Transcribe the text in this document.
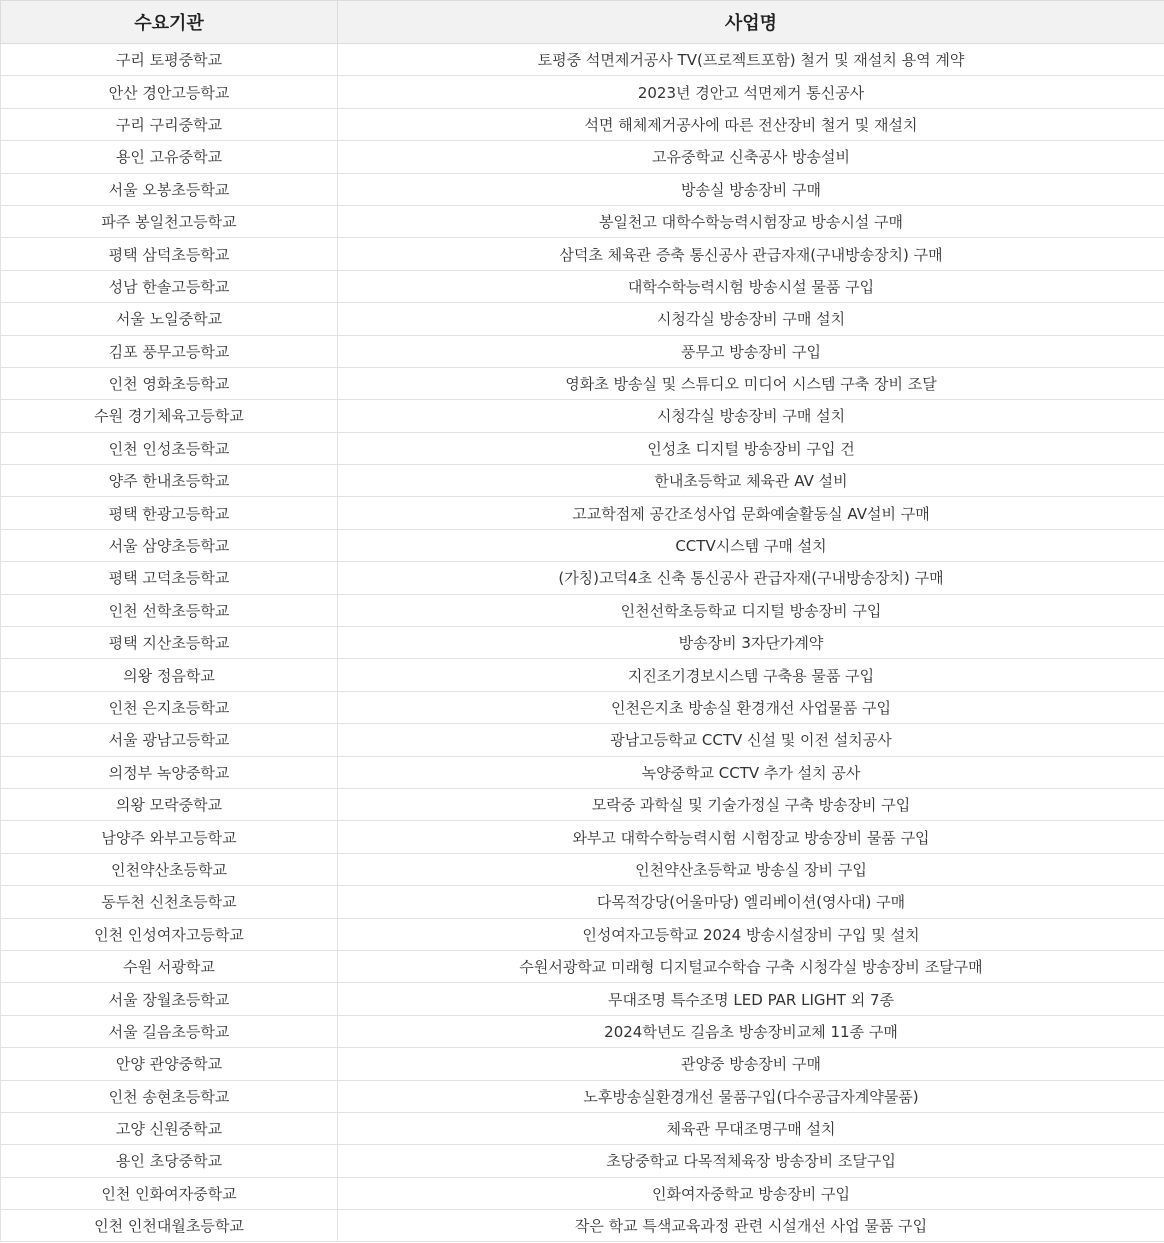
수요기관	사업명
구리 토평중학교	토평중 석면제거공사 TV(프로젝트포함) 철거 및 재설치 용역 계약
안산 경안고등학교	2023년 경안고 석면제거 통신공사
구리 구리중학교	석면 해체제거공사에 따른 전산장비 철거 및 재설치
용인 고유중학교	고유중학교 신축공사 방송설비
서울 오봉초등학교	방송실 방송장비 구매
파주 봉일천고등학교	봉일천고 대학수학능력시험장교 방송시설 구매
평택 삼덕초등학교	삼덕초 체육관 증축 통신공사 관급자재(구내방송장치) 구매
성남 한솔고등학교	대학수학능력시험 방송시설 물품 구입
서울 노일중학교	시청각실 방송장비 구매 설치
김포 풍무고등학교	풍무고 방송장비 구입
인천 영화초등학교	영화초 방송실 및 스튜디오 미디어 시스템 구축 장비 조달
수원 경기체육고등학교	시청각실 방송장비 구매 설치
인천 인성초등학교	인성초 디지털 방송장비 구입 건
양주 한내초등학교	한내초등학교 체육관 AV 설비
평택 한광고등학교	고교학점제 공간조성사업 문화예술활동실 AV설비 구매
서울 삼양초등학교	CCTV시스템 구매 설치
평택 고덕초등학교	(가칭)고덕4초 신축 통신공사 관급자재(구내방송장치) 구매
인천 선학초등학교	인천선학초등학교 디지털 방송장비 구입
평택 지산초등학교	방송장비 3자단가계약
의왕 정음학교	지진조기경보시스템 구축용 물품 구입
인천 은지초등학교	인천은지초 방송실 환경개선 사업물품 구입
서울 광남고등학교	광남고등학교 CCTV 신설 및 이전 설치공사
의정부 녹양중학교	녹양중학교 CCTV 추가 설치 공사
의왕 모락중학교	모락중 과학실 및 기술가정실 구축 방송장비 구입
남양주 와부고등학교	와부고 대학수학능력시험 시험장교 방송장비 물품 구입
인천약산초등학교	인천약산초등학교 방송실 장비 구입
동두천 신천초등학교	다목적강당(어울마당) 엘리베이션(영사대) 구매
인천 인성여자고등학교	인성여자고등학교 2024 방송시설장비 구입 및 설치
수원 서광학교	수원서광학교 미래형 디지털교수학습 구축 시청각실 방송장비 조달구매
서울 장월초등학교	무대조명 특수조명 LED PAR LIGHT 외 7종
서울 길음초등학교	2024학년도 길음초 방송장비교체 11종 구매
안양 관양중학교	관양중 방송장비 구매
인천 송현초등학교	노후방송실환경개선 물품구입(다수공급자계약물품)
고양 신원중학교	체육관 무대조명구매 설치
용인 초당중학교	초당중학교 다목적체육장 방송장비 조달구입
인천 인화여자중학교	인화여자중학교 방송장비 구입
인천 인천대월초등학교	작은 학교 특색교육과정 관련 시설개선 사업 물품 구입
